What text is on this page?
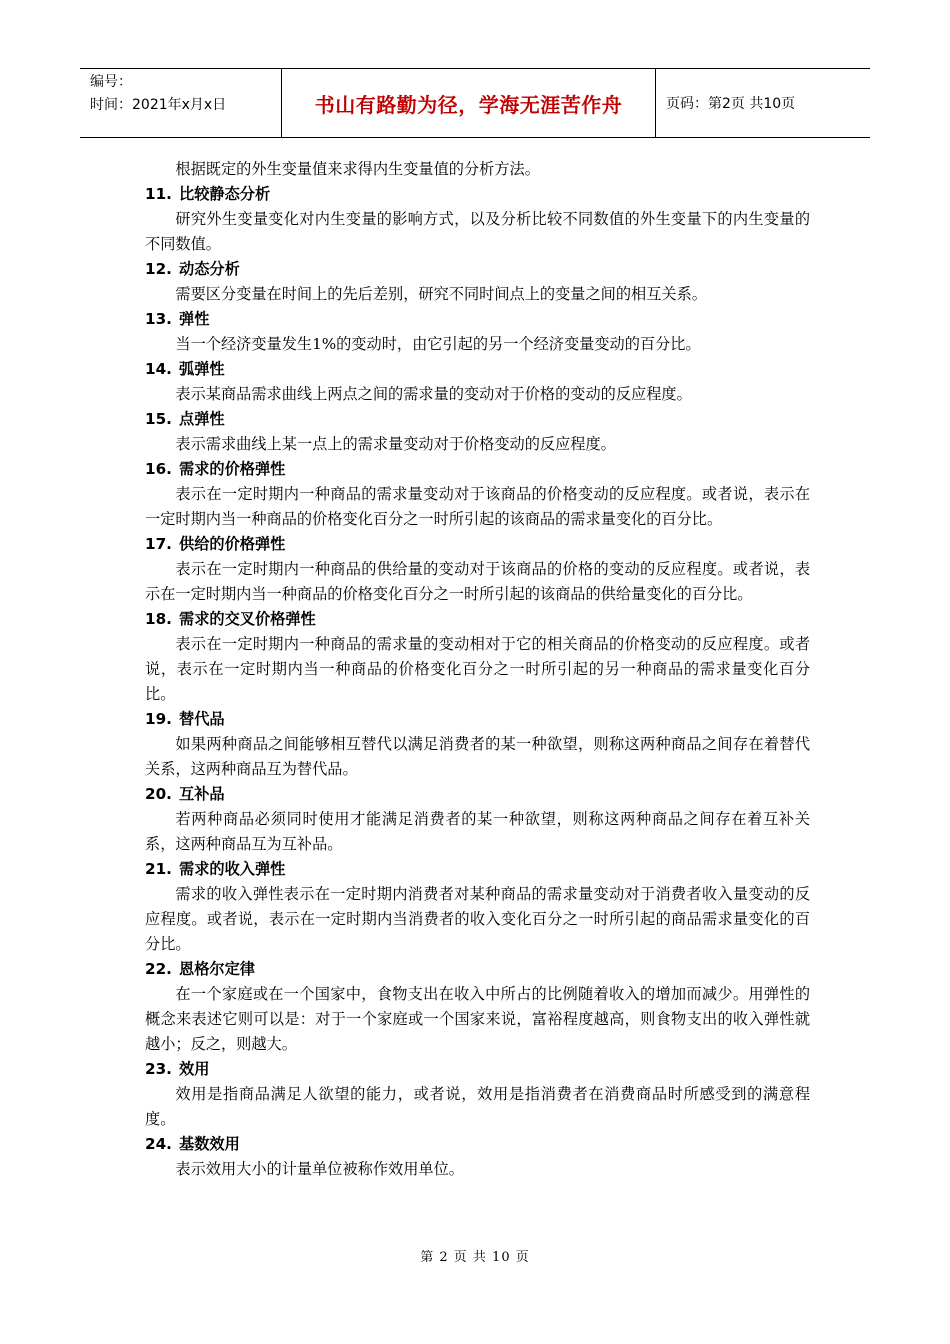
编号：
时间：2021年x月x日	书山有路勤为径，学海无涯苦作舟	页码：第2页 共10页

根据既定的外生变量值来求得内生变量值的分析方法。

11. 比较静态分析

研究外生变量变化对内生变量的影响方式，以及分析比较不同数值的外生变量下的内生变量的不同数值。

12. 动态分析

需要区分变量在时间上的先后差别，研究不同时间点上的变量之间的相互关系。

13. 弹性

当一个经济变量发生1%的变动时，由它引起的另一个经济变量变动的百分比。

14. 弧弹性

表示某商品需求曲线上两点之间的需求量的变动对于价格的变动的反应程度。

15. 点弹性

表示需求曲线上某一点上的需求量变动对于价格变动的反应程度。

16. 需求的价格弹性

表示在一定时期内一种商品的需求量变动对于该商品的价格变动的反应程度。或者说，表示在一定时期内当一种商品的价格变化百分之一时所引起的该商品的需求量变化的百分比。

17. 供给的价格弹性

表示在一定时期内一种商品的供给量的变动对于该商品的价格的变动的反应程度。或者说，表示在一定时期内当一种商品的价格变化百分之一时所引起的该商品的供给量变化的百分比。

18. 需求的交叉价格弹性

表示在一定时期内一种商品的需求量的变动相对于它的相关商品的价格变动的反应程度。或者说，表示在一定时期内当一种商品的价格变化百分之一时所引起的另一种商品的需求量变化百分比。

19. 替代品

如果两种商品之间能够相互替代以满足消费者的某一种欲望，则称这两种商品之间存在着替代关系，这两种商品互为替代品。

20. 互补品

若两种商品必须同时使用才能满足消费者的某一种欲望，则称这两种商品之间存在着互补关系，这两种商品互为互补品。

21. 需求的收入弹性

需求的收入弹性表示在一定时期内消费者对某种商品的需求量变动对于消费者收入量变动的反应程度。或者说，表示在一定时期内当消费者的收入变化百分之一时所引起的商品需求量变化的百分比。

22. 恩格尔定律

在一个家庭或在一个国家中，食物支出在收入中所占的比例随着收入的增加而减少。用弹性的概念来表述它则可以是：对于一个家庭或一个国家来说，富裕程度越高，则食物支出的收入弹性就越小；反之，则越大。

23. 效用

效用是指商品满足人欲望的能力，或者说，效用是指消费者在消费商品时所感受到的满意程度。

24. 基数效用

表示效用大小的计量单位被称作效用单位。

第 2 页 共 10 页
